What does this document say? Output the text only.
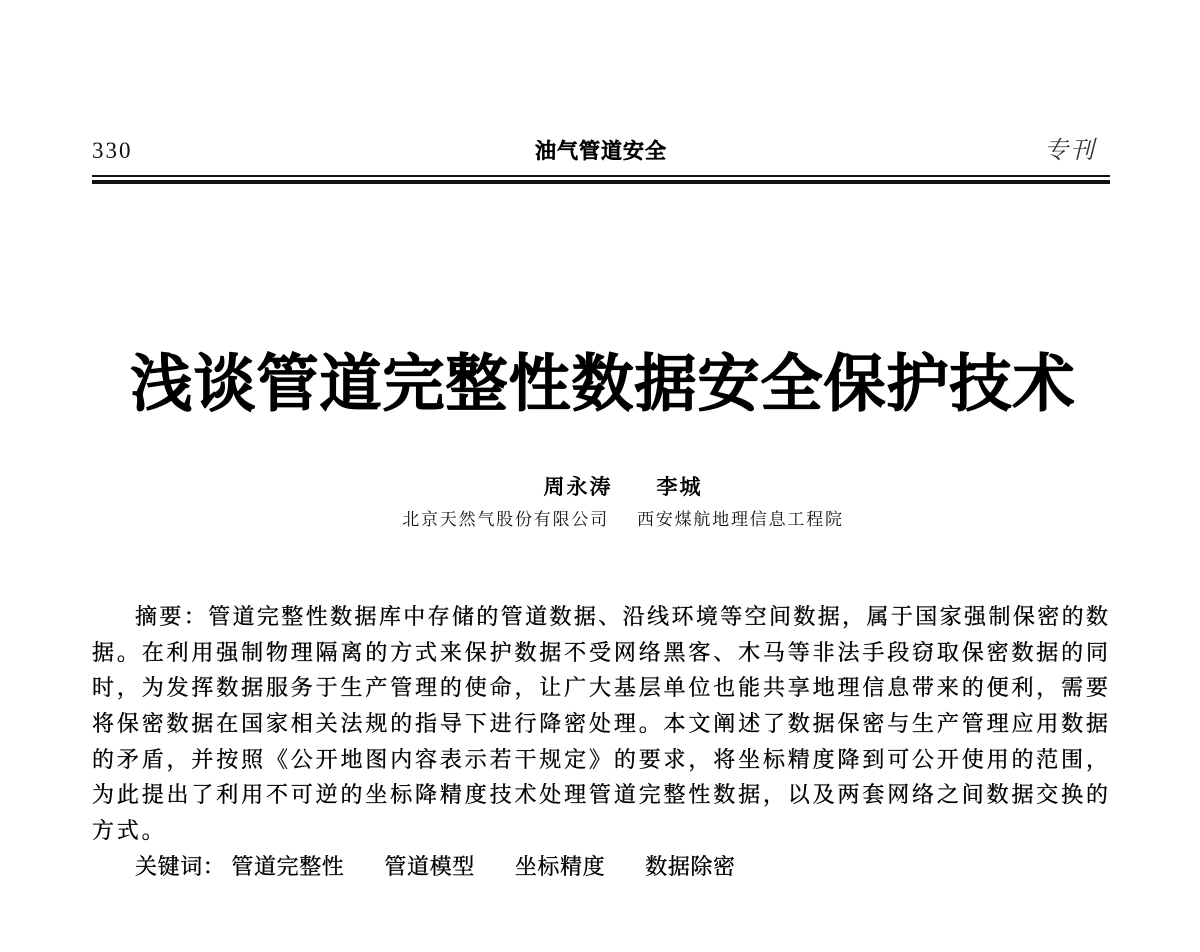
330	油气管道安全	专刊
浅谈管道完整性数据安全保护技术
周永涛 李城
北京天然气股份有限公司 西安煤航地理信息工程院
摘要：管道完整性数据库中存储的管道数据、沿线环境等空间数据，属于国家强制保密的数
据。在利用强制物理隔离的方式来保护数据不受网络黑客、木马等非法手段窃取保密数据的同
时，为发挥数据服务于生产管理的使命，让广大基层单位也能共享地理信息带来的便利，需要
将保密数据在国家相关法规的指导下进行降密处理。本文阐述了数据保密与生产管理应用数据
的矛盾，并按照《公开地图内容表示若干规定》的要求，将坐标精度降到可公开使用的范围，
为此提出了利用不可逆的坐标降精度技术处理管道完整性数据，以及两套网络之间数据交换的
方式。
关键词： 管道完整性 管道模型 坐标精度 数据除密
